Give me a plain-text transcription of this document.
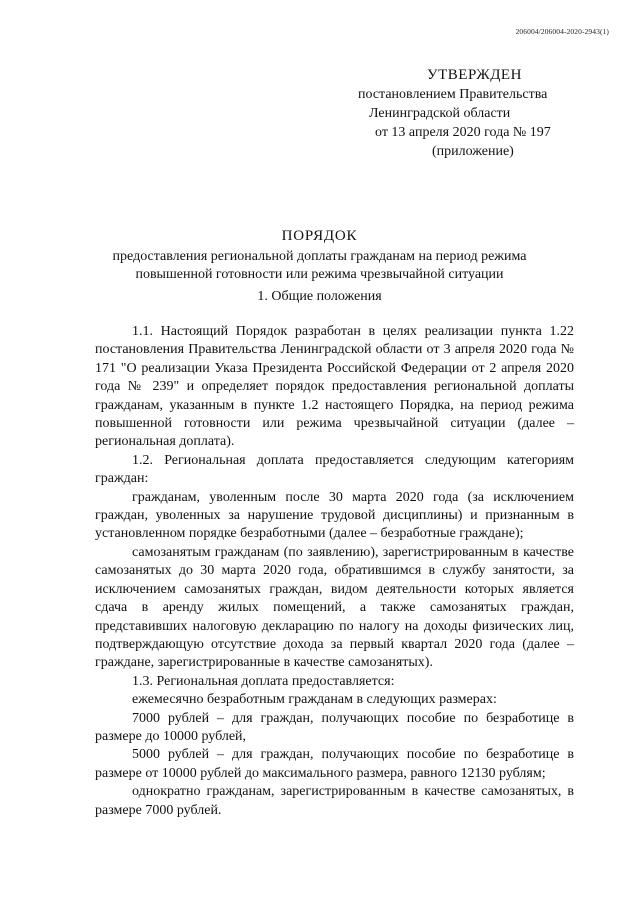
206004/206004-2020-2943(1)
УТВЕРЖДЕН
постановлением Правительства
Ленинградской области
от 13 апреля 2020 года № 197
(приложение)
ПОРЯДОК
предоставления региональной доплаты гражданам на период режима
повышенной готовности или режима чрезвычайной ситуации
1. Общие положения

1.1. Настоящий Порядок разработан в целях реализации пункта 1.22 постановления Правительства Ленинградской области от 3 апреля 2020 года № 171 "О реализации Указа Президента Российской Федерации от 2 апреля 2020 года № 239" и определяет порядок предоставления региональной доплаты гражданам, указанным в пункте 1.2 настоящего Порядка, на период режима повышенной готовности или режима чрезвычайной ситуации (далее – региональная доплата).

1.2. Региональная доплата предоставляется следующим категориям граждан:

гражданам, уволенным после 30 марта 2020 года (за исключением граждан, уволенных за нарушение трудовой дисциплины) и признанным в установленном порядке безработными (далее – безработные граждане);

самозанятым гражданам (по заявлению), зарегистрированным в качестве самозанятых до 30 марта 2020 года, обратившимся в службу занятости, за исключением самозанятых граждан, видом деятельности которых является сдача в аренду жилых помещений, а также самозанятых граждан, представивших налоговую декларацию по налогу на доходы физических лиц, подтверждающую отсутствие дохода за первый квартал 2020 года (далее – граждане, зарегистрированные в качестве самозанятых).

1.3. Региональная доплата предоставляется:

ежемесячно безработным гражданам в следующих размерах:

7000 рублей – для граждан, получающих пособие по безработице в размере до 10000 рублей,

5000 рублей – для граждан, получающих пособие по безработице в размере от 10000 рублей до максимального размера, равного 12130 рублям;

однократно гражданам, зарегистрированным в качестве самозанятых, в размере 7000 рублей.
